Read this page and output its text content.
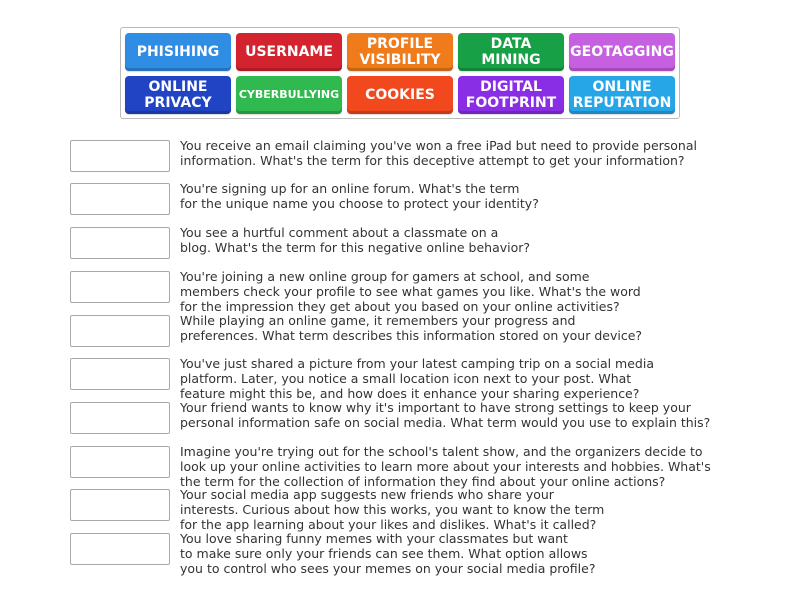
PHISIHING	USERNAME	PROFILE
VISIBILITY
DATA
MINING	GEOTAGGING
ONLINE
PRIVACY
CYBERBULLYING	COOKIES	DIGITAL
FOOTPRINT
ONLINE
REPUTATION
You receive an email claiming you've won a free iPad but need to provide personal
information. What's the term for this deceptive attempt to get your information?
You're signing up for an online forum. What's the term
for the unique name you choose to protect your identity?
You see a hurtful comment about a classmate on a
blog. What's the term for this negative online behavior?
You're joining a new online group for gamers at school, and some
members check your profile to see what games you like. What's the word
for the impression they get about you based on your online activities?
While playing an online game, it remembers your progress and
preferences. What term describes this information stored on your device?
You've just shared a picture from your latest camping trip on a social media
platform. Later, you notice a small location icon next to your post. What
feature might this be, and how does it enhance your sharing experience?
Your friend wants to know why it's important to have strong settings to keep your
personal information safe on social media. What term would you use to explain this?
Imagine you're trying out for the school's talent show, and the organizers decide to
look up your online activities to learn more about your interests and hobbies. What's
the term for the collection of information they find about your online actions?
Your social media app suggests new friends who share your
interests. Curious about how this works, you want to know the term
for the app learning about your likes and dislikes. What's it called?
You love sharing funny memes with your classmates but want
to make sure only your friends can see them. What option allows
you to control who sees your memes on your social media profile?
